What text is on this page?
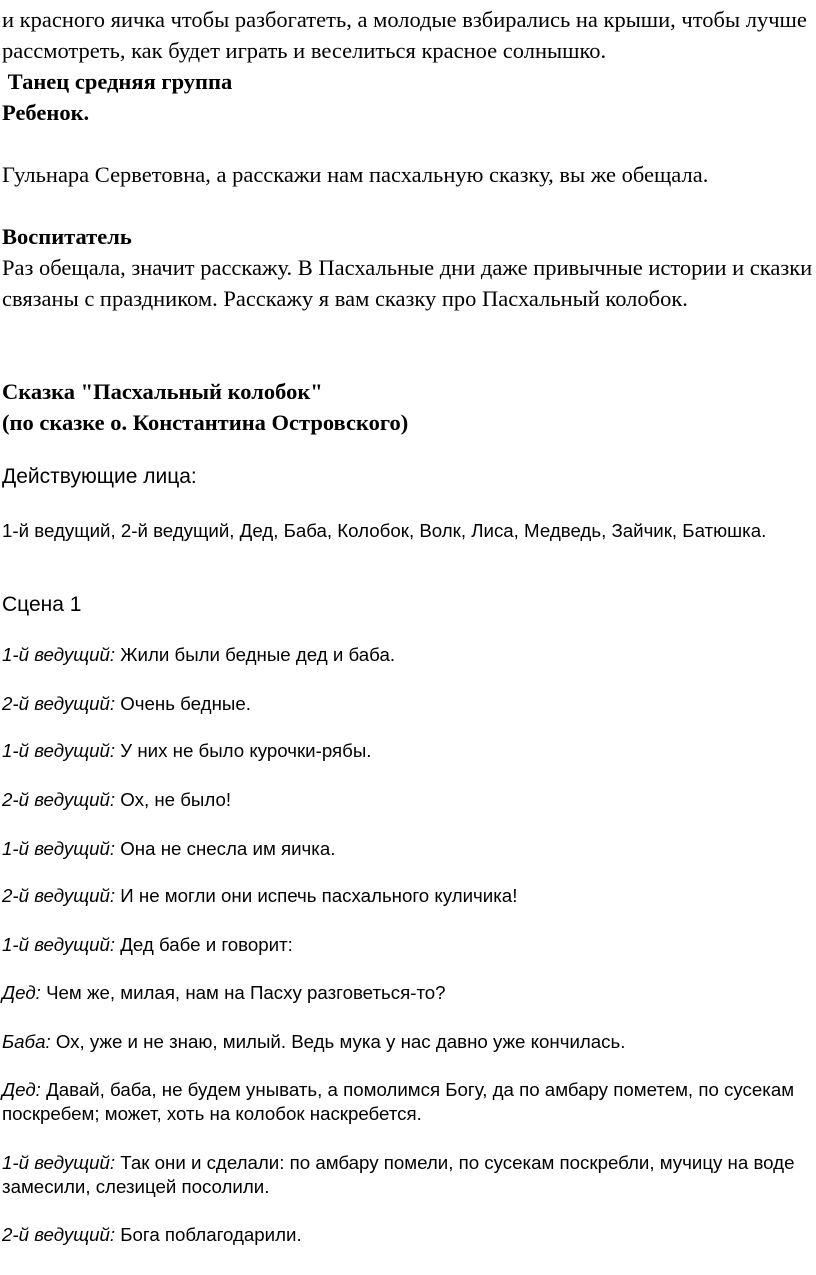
и красного яичка чтобы разбогатеть, а молодые взбирались на крыши, чтобы лучше рассмотреть, как будет играть и веселиться красное солнышко.

Танец средняя группа

Ребенок.

Гульнара Серветовна, а расскажи нам пасхальную сказку, вы же обещала.

Воспитатель

Раз обещала, значит расскажу. В Пасхальные дни даже привычные истории и сказки связаны с праздником. Расскажу я вам сказку про Пасхальный колобок.

Сказка "Пасхальный колобок"

(по сказке о. Константина Островского)

Действующие лица:

1-й ведущий, 2-й ведущий, Дед, Баба, Колобок, Волк, Лиса, Медведь, Зайчик, Батюшка.

Сцена 1

1-й ведущий: Жили были бедные дед и баба.

2-й ведущий: Очень бедные.

1-й ведущий: У них не было курочки-рябы.

2-й ведущий: Ох, не было!

1-й ведущий: Она не снесла им яичка.

2-й ведущий: И не могли они испечь пасхального куличика!

1-й ведущий: Дед бабе и говорит:

Дед: Чем же, милая, нам на Пасху разговеться-то?

Баба: Ох, уже и не знаю, милый. Ведь мука у нас давно уже кончилась.

Дед: Давай, баба, не будем унывать, а помолимся Богу, да по амбару пометем, по сусекам поскребем; может, хоть на колобок наскребется.

1-й ведущий: Так они и сделали: по амбару помели, по сусекам поскребли, мучицу на воде замесили, слезицей посолили.

2-й ведущий: Бога поблагодарили.
